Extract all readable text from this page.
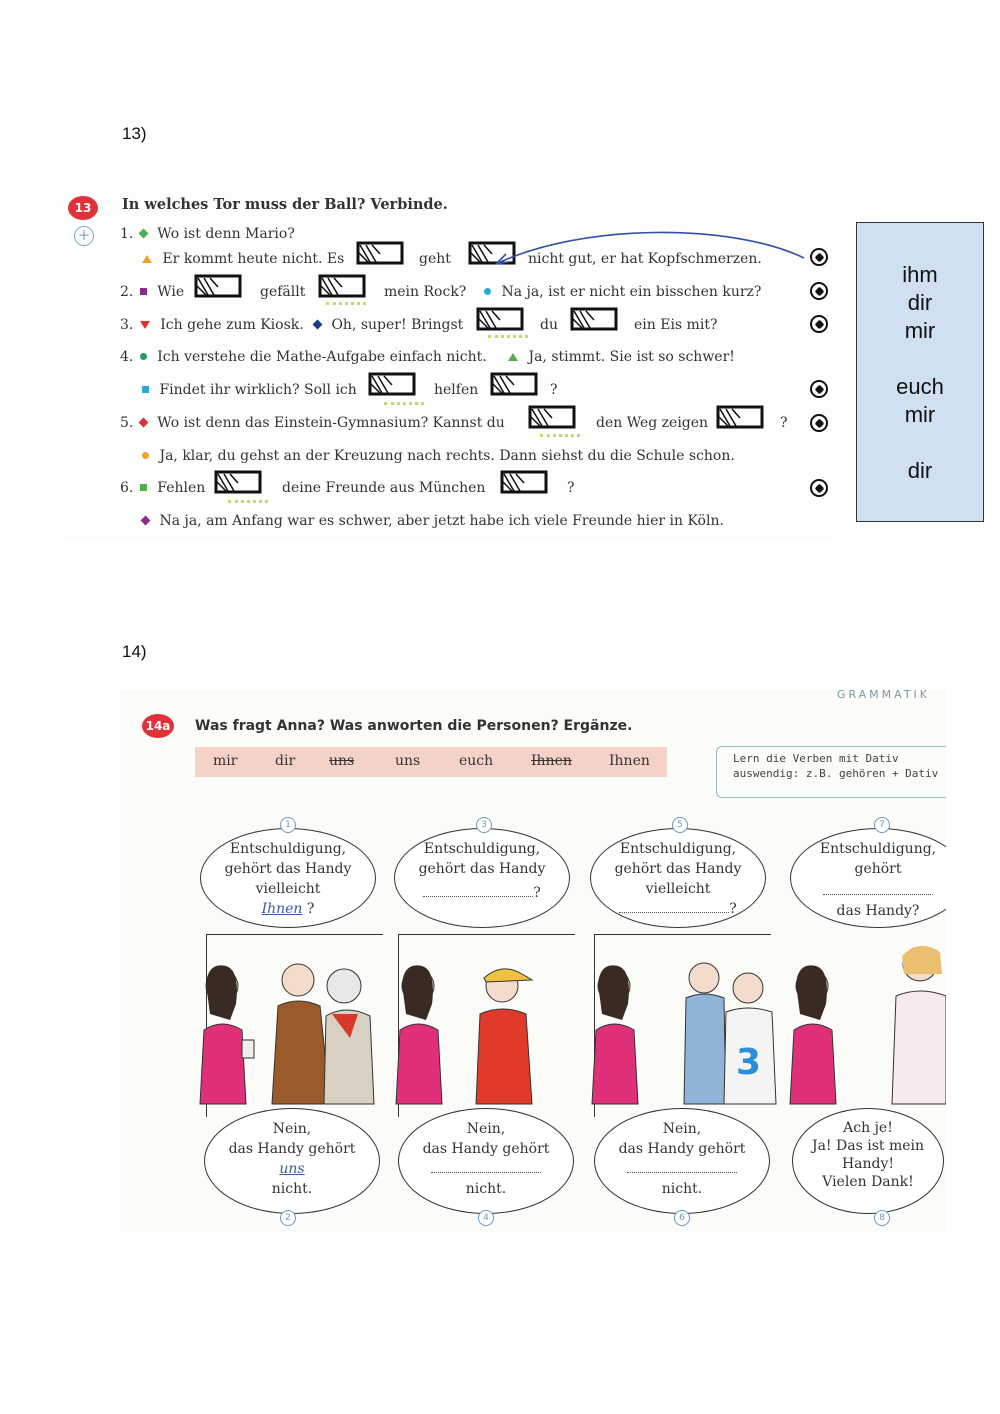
13)
13
+
In welches Tor muss der Ball? Verbinde.
1. Wo ist denn Mario?
Er kommt heute nicht. Es	geht	nicht gut, er hat Kopfschmerzen.
2. Wie	gefällt	mein Rock?	Na ja, ist er nicht ein bisschen kurz?
3. Ich gehe zum Kiosk.	Oh, super! Bringst	du	ein Eis mit?
4. Ich verstehe die Mathe-Aufgabe einfach nicht.	Ja, stimmt. Sie ist so schwer!
Findet ihr wirklich? Soll ich	helfen	?
5. Wo ist denn das Einstein-Gymnasium? Kannst du	den Weg zeigen	?
Ja, klar, du gehst an der Kreuzung nach rechts. Dann siehst du die Schule schon.
6. Fehlen	deine Freunde aus München	?
Na ja, am Anfang war es schwer, aber jetzt habe ich viele Freunde hier in Köln.
ihm
dir
mir
euch
mir
dir
14)
GRAMMATIK
14a Was fragt Anna? Was anworten die Personen? Ergänze.
mir	dir uns	uns	euch	Ihnen	Ihnen	Lern die Verben mit Dativ
auswendig: z.B. gehören + Dativ
Entschuldigung,
gehört das Handy
vielleicht
Ihnen ?
1
Entschuldigung,
gehört das Handy
?
3
Entschuldigung,
gehört das Handy
vielleicht
?
5
Entschuldigung,
gehört
das Handy?
7
3
Nein,
das Handy gehört
uns
nicht.
2
Nein,
das Handy gehört
nicht.
4
Nein,
das Handy gehört
nicht.
6
Ach je!
Ja! Das ist mein
Handy!
Vielen Dank!
8
